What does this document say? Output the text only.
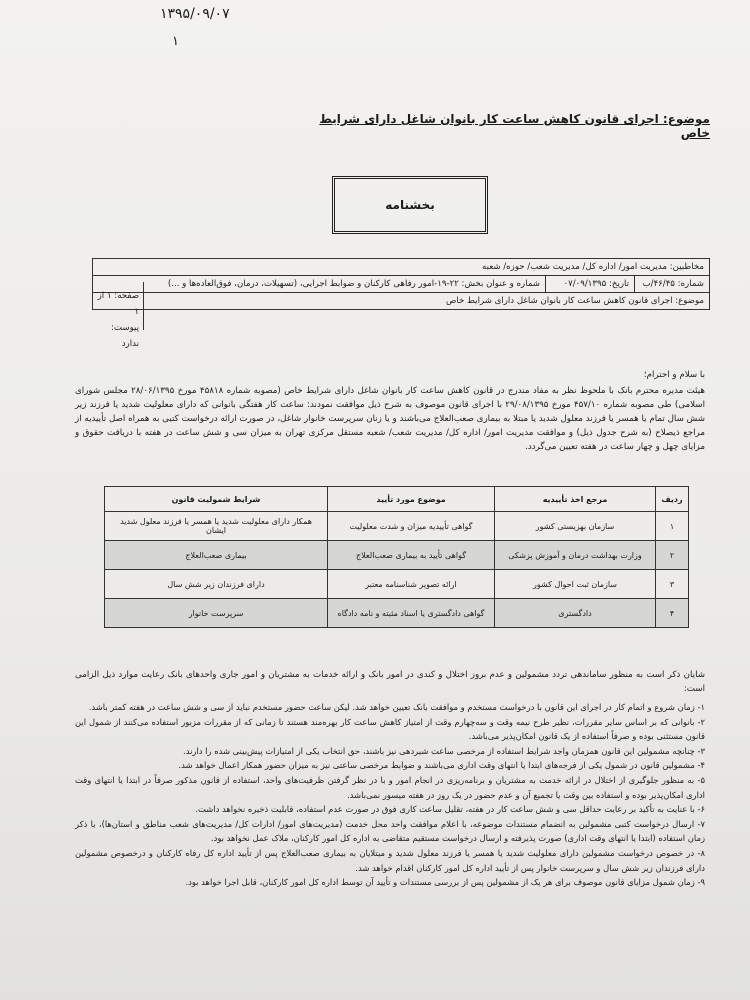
۱۳۹۵/۰۹/۰۷
۱
موضوع: اجرای قانون کاهش ساعت کار بانوان شاغل دارای شرایط خاص
بخشنامه
مخاطبین: مدیریت امور/ اداره کل/ مدیریت شعب/ حوزه/ شعبه
شماره: ۴۶/۴۵/ب	تاریخ: ۰۷/۰۹/۱۳۹۵	شماره و عنوان بخش: ۲۲-۱۹-امور رفاهی کارکنان و ضوابط اجرایی، (تسهیلات، درمان، فوق‌العاده‌ها و ...)
موضوع: اجرای قانون کاهش ساعت کار بانوان شاغل دارای شرایط خاص
صفحه: ۱ از ۱
پیوست: ندارد
با سلام و احترام؛
هیئت مدیره محترم بانک با ملحوظ نظر به مفاد مندرج در قانون کاهش ساعت کار بانوان شاغل دارای شرایط خاص (مصوبه شماره ۴۵۸۱۸ مورخ ۲۸/۰۶/۱۳۹۵ مجلس شورای اسلامی) طی مصوبه شماره ۴۵۷/۱۰ مورخ ۲۹/۰۸/۱۳۹۵ با اجرای قانون موصوف به شرح ذیل موافقت نمودند: ساعت کار هفتگی بانوانی که دارای معلولیت شدید یا فرزند زیر شش سال تمام یا همسر یا فرزند معلول شدید یا مبتلا به بیماری صعب‌العلاج می‌باشند و یا زنان سرپرست خانوار شاغل، در صورت ارائه درخواست کتبی به همراه اصل تأییدیه از مراجع ذیصلاح (به شرح جدول ذیل) و موافقت مدیریت امور/ اداره کل/ مدیریت شعب/ شعبه مستقل مرکزی تهران به میزان سی و شش ساعت در هفته با دریافت حقوق و مزایای چهل و چهار ساعت در هفته تعیین می‌گردد.
ردیف	مرجع اخذ تأییدیه	موضوع مورد تأیید	شرایط شمولیت قانون
۱	سازمان بهزیستی کشور	گواهی تأییدیه میزان و شدت معلولیت	همکار دارای معلولیت شدید یا همسر یا فرزند معلول شدید ایشان
۲	وزارت بهداشت درمان و آموزش پزشکی	گواهی تأیید به بیماری صعب‌العلاج	بیماری صعب‌العلاج
۳	سازمان ثبت احوال کشور	ارائه تصویر شناسنامه معتبر	دارای فرزندان زیر شش سال
۴	دادگستری	گواهی دادگستری یا اسناد مثبته و نامه دادگاه	سرپرست خانوار
شایان ذکر است به منظور ساماندهی تردد مشمولین و عدم بروز اختلال و کندی در امور بانک و ارائه خدمات به مشتریان و امور جاری واحدهای بانک رعایت موارد ذیل الزامی است:
۱- زمان شروع و اتمام کار در اجرای این قانون با درخواست مستخدم و موافقت بانک تعیین خواهد شد. لیکن ساعت حضور مستخدم نباید از سی و شش ساعت در هفته کمتر باشد.
۲- بانوانی که بر اساس سایر مقررات، نظیر طرح نیمه وقت و سه‌چهارم وقت از امتیاز کاهش ساعت کار بهره‌مند هستند تا زمانی که از مقررات مزبور استفاده می‌کنند از شمول این قانون مستثنی بوده و صرفاً استفاده از یک قانون امکان‌پذیر می‌باشد.
۳- چنانچه مشمولین این قانون همزمان واجد شرایط استفاده از مرخصی ساعت شیردهی نیز باشند، حق انتخاب یکی از امتیازات پیش‌بینی شده را دارند.
۴- مشمولین قانون در شمول یکی از فرجه‌های ابتدا یا انتهای وقت اداری می‌باشند و ضوابط مرخصی ساعتی نیز به میزان حضور همکار اعمال خواهد شد.
۵- به منظور جلوگیری از اختلال در ارائه خدمت به مشتریان و برنامه‌ریزی در انجام امور و با در نظر گرفتن ظرفیت‌های واحد، استفاده از قانون مذکور صرفاً در ابتدا یا انتهای وقت اداری امکان‌پذیر بوده و استفاده بین وقت یا تجمیع آن و عدم حضور در یک روز در هفته میسور نمی‌باشد.
۶- با عنایت به تأکید بر رعایت حداقل سی و شش ساعت کار در هفته، تقلیل ساعت کاری فوق در صورت عدم استفاده، قابلیت ذخیره نخواهد داشت.
۷- ارسال درخواست کتبی مشمولین به انضمام مستندات موضوعه، با اعلام موافقت واحد محل خدمت (مدیریت‌های امور/ ادارات کل/ مدیریت‌های شعب مناطق و استان‌ها)، با ذکر زمان استفاده (ابتدا یا انتهای وقت اداری) صورت پذیرفته و ارسال درخواست مستقیم متقاضی به اداره کل امور کارکنان، ملاک عمل نخواهد بود.
۸- در خصوص درخواست مشمولین دارای معلولیت شدید یا همسر یا فرزند معلول شدید و مبتلایان به بیماری صعب‌العلاج پس از تأیید اداره کل رفاه کارکنان و درخصوص مشمولین دارای فرزندان زیر شش سال و سرپرست خانوار پس از تأیید اداره کل امور کارکنان اقدام خواهد شد.
۹- زمان شمول مزایای قانون موصوف برای هر یک از مشمولین پس از بررسی مستندات و تأیید آن توسط اداره کل امور کارکنان، قابل اجرا خواهد بود.
